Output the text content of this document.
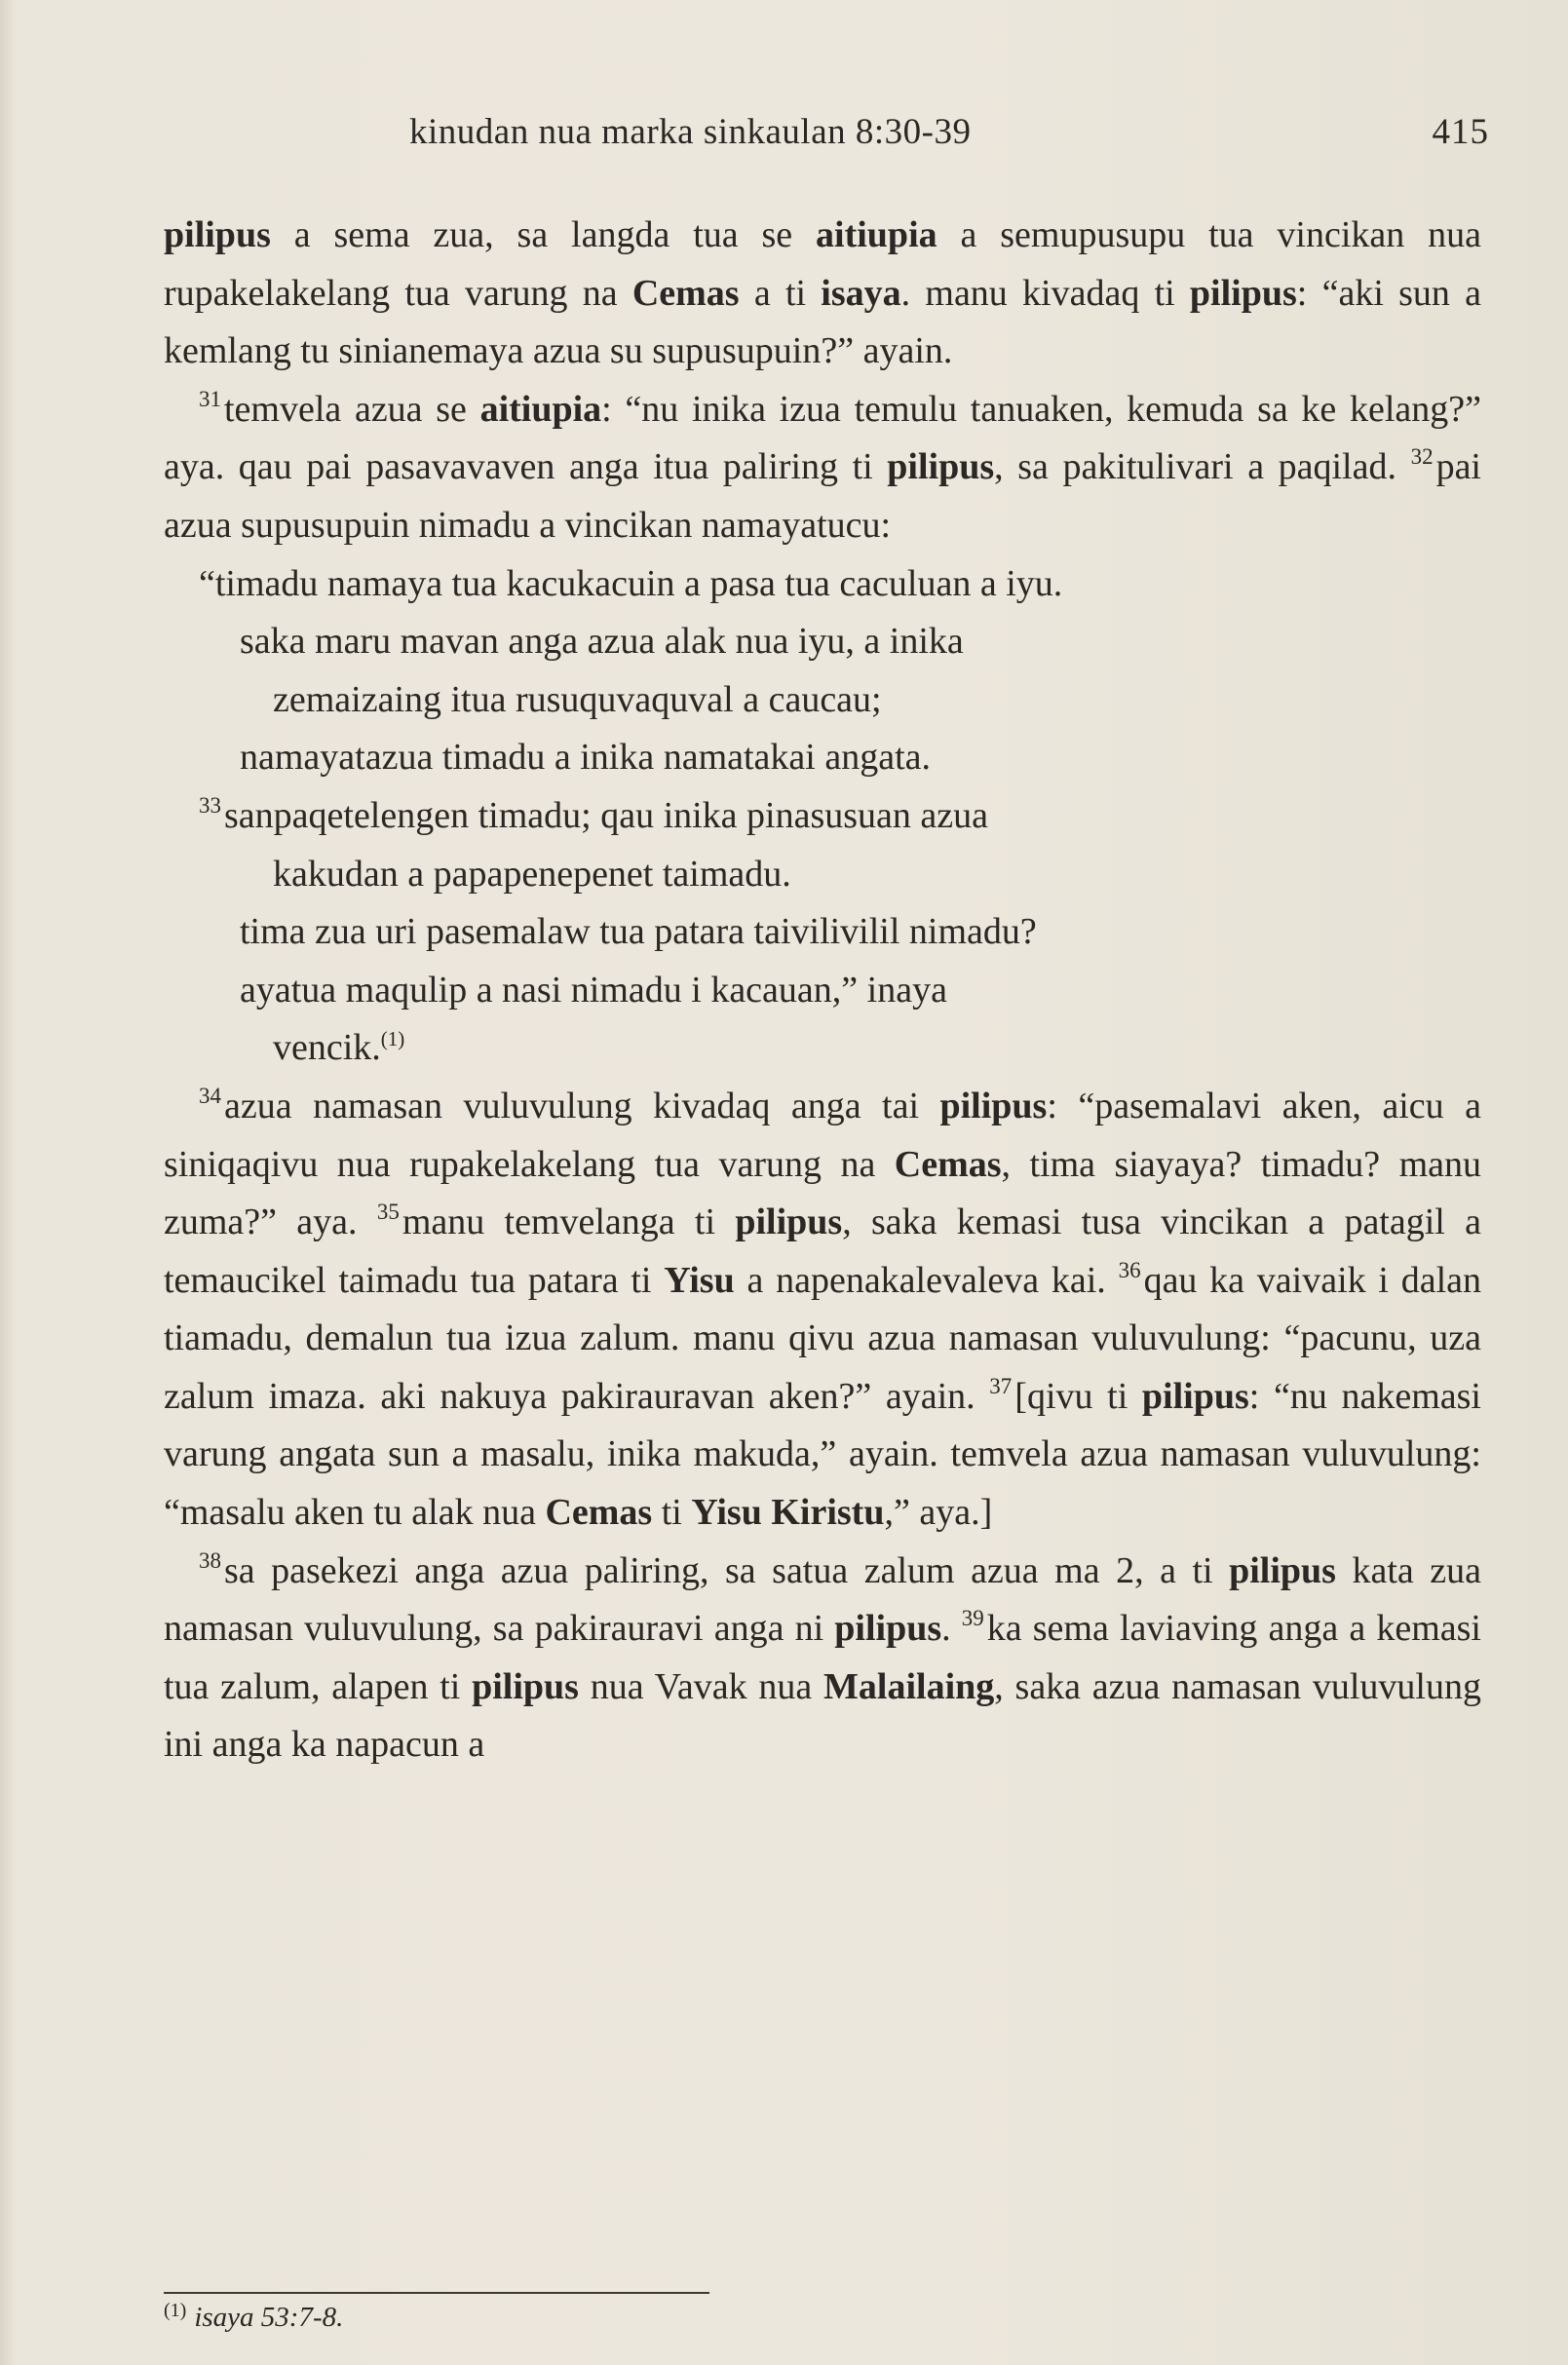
kinudan nua marka sinkaulan 8:30-39	415

pilipus a sema zua, sa langda tua se aitiupia a semupusupu tua vincikan nua rupakelakelang tua varung na Cemas a ti isaya. manu kivadaq ti pilipus: “aki sun a kemlang tu sinianemaya azua su supusupuin?” ayain.

$^{31}$temvela azua se aitiupia: “nu inika izua temulu tanuaken, kemuda sa ke kelang?” aya. qau pai pasavavaven anga itua paliring ti pilipus, sa pakitulivari a paqilad. $^{32}$pai azua supusupuin nimadu a vincikan namayatucu:

“timadu namaya tua kacukacuin a pasa tua caculuan a iyu.
saka maru mavan anga azua alak nua iyu, a inika
zemaizaing itua rusuquvaquval a caucau;
namayatazua timadu a inika namatakai angata.
$^{33}$sanpaqetelengen timadu; qau inika pinasusuan azua
kakudan a papapenepenet taimadu.
tima zua uri pasemalaw tua patara taivilivilil nimadu?
ayatua maqulip a nasi nimadu i kacauan,” inaya
vencik.$^{(1)}$

$^{34}$azua namasan vuluvulung kivadaq anga tai pilipus: “pasemalavi aken, aicu a siniqaqivu nua rupakelakelang tua varung na Cemas, tima siayaya? timadu? manu zuma?” aya. $^{35}$manu temvelanga ti pilipus, saka kemasi tusa vincikan a patagil a temaucikel taimadu tua patara ti Yisu a napenakalevaleva kai. $^{36}$qau ka vaivaik i dalan tiamadu, demalun tua izua zalum. manu qivu azua namasan vuluvulung: “pacunu, uza zalum imaza. aki nakuya pakirauravan aken?” ayain. $^{37}$[qivu ti pilipus: “nu nakemasi varung angata sun a masalu, inika makuda,” ayain. temvela azua namasan vuluvulung: “masalu aken tu alak nua Cemas ti Yisu Kiristu,” aya.]

$^{38}$sa pasekezi anga azua paliring, sa satua zalum azua ma 2, a ti pilipus kata zua namasan vuluvulung, sa pakirauravi anga ni pilipus. $^{39}$ka sema laviaving anga a kemasi tua zalum, alapen ti pilipus nua Vavak nua Malailaing, saka azua namasan vuluvulung ini anga ka napacun a

$^{(1)}$ isaya 53:7-8.
